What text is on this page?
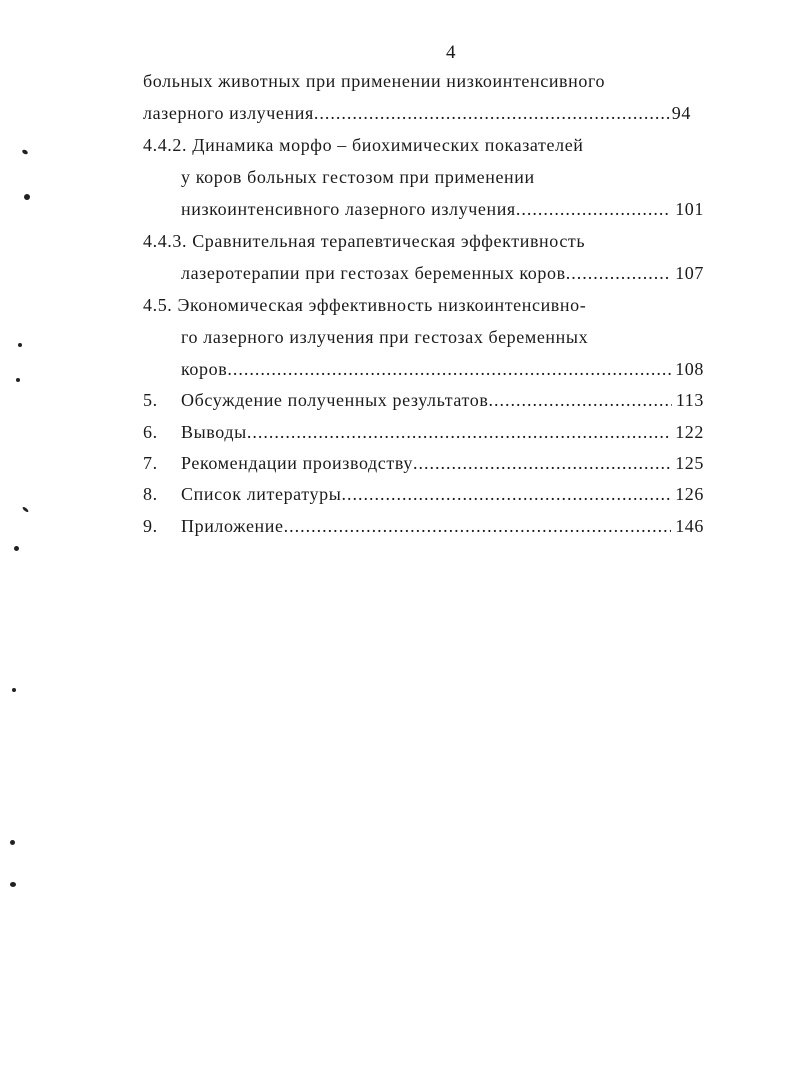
4
больных животных при применении низкоинтенсивного
лазерного излучения .....	94
4.4.2. Динамика морфо – биохимических показателей
у коров больных гестозом при применении
низкоинтенсивного лазерного излучения .....	101
4.4.3. Сравнительная терапевтическая эффективность
лазеротерапии при гестозах беременных коров .....	107
4.5. Экономическая эффективность низкоинтенсивно-
го лазерного излучения при гестозах беременных
коров .....	108
5.	Обсуждение полученных результатов .....	113
6.	Выводы .....	122
7.	Рекомендации производству .....	125
8.	Список литературы .....	126
9.	Приложение .....	146
